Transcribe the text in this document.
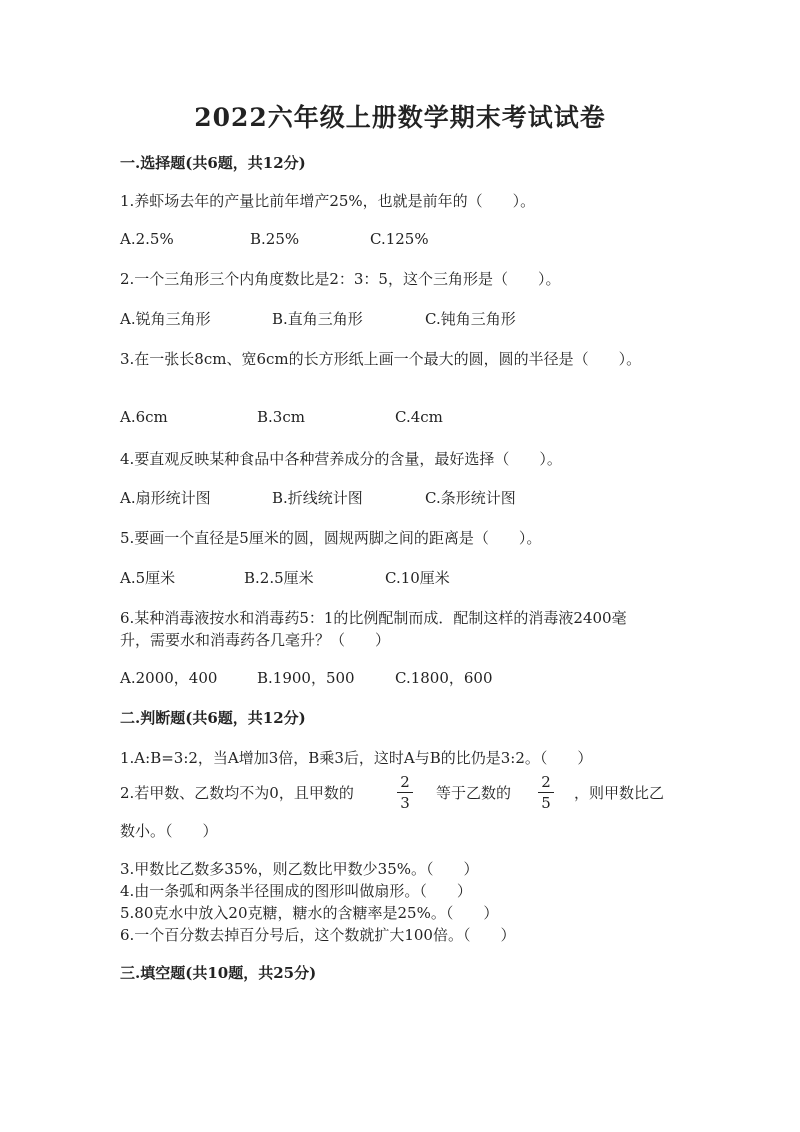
2022六年级上册数学期末考试试卷
一.选择题(共6题，共12分)
1.养虾场去年的产量比前年增产25%，也就是前年的（　　）。
A.2.5%	B.25%	C.125%
2.一个三角形三个内角度数比是2：3：5，这个三角形是（　　）。
A.锐角三角形	B.直角三角形	C.钝角三角形
3.在一张长8cm、宽6cm的长方形纸上画一个最大的圆，圆的半径是（　　）。
A.6cm	B.3cm	C.4cm
4.要直观反映某种食品中各种营养成分的含量，最好选择（　　）。
A.扇形统计图	B.折线统计图	C.条形统计图
5.要画一个直径是5厘米的圆，圆规两脚之间的距离是（　　）。
A.5厘米	B.2.5厘米	C.10厘米
6.某种消毒液按水和消毒药5：1的比例配制而成．配制这样的消毒液2400毫
升，需要水和消毒药各几毫升？（　　）
A.2000，400	B.1900，500	C.1800，600
二.判断题(共6题，共12分)
1.A:B=3:2，当A增加3倍，B乘3后，这时A与B的比仍是3:2。（　　）
2.若甲数、乙数均不为0，且甲数的
2
3
等于乙数的
2
5
，则甲数比乙
数小。（　　）
3.甲数比乙数多35%，则乙数比甲数少35%。（　　）
4.由一条弧和两条半径围成的图形叫做扇形。（　　）
5.80克水中放入20克糖，糖水的含糖率是25%。（　　）
6.一个百分数去掉百分号后，这个数就扩大100倍。（　　）
三.填空题(共10题，共25分)
